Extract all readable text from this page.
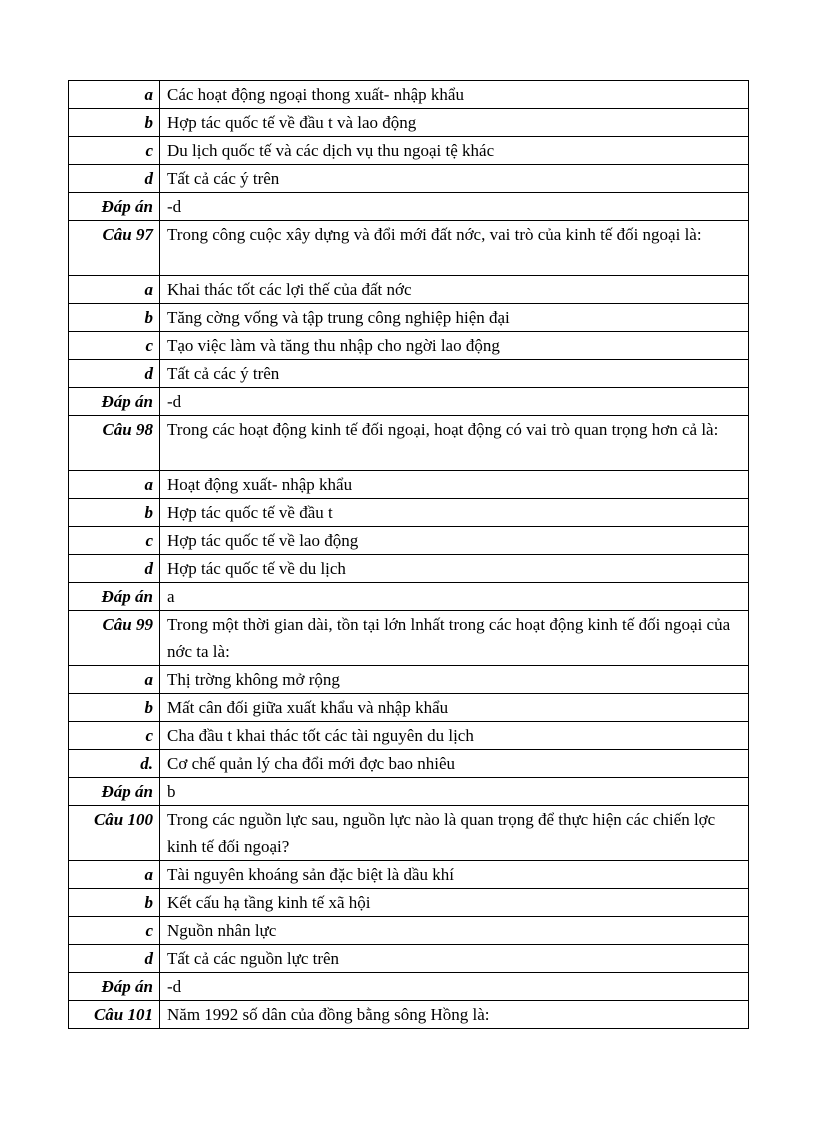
a	Các hoạt động ngoại thong xuất- nhập khẩu
b	Hợp tác quốc tế về đầu t và lao động
c	Du lịch quốc tế và các dịch vụ thu ngoại tệ khác
d	Tất cả các ý trên
Đáp án	-d
Câu 97	Trong công cuộc xây dựng và đổi mới đất nớc, vai trò của kinh tế đối ngoại là:
a	Khai thác tốt các lợi thế của đất nớc
b	Tăng cờng vống và tập trung công nghiệp hiện đại
c	Tạo việc làm và tăng thu nhập cho ngời lao động
d	Tất cả các ý trên
Đáp án	-d
Câu 98	Trong các hoạt động kinh tế đối ngoại, hoạt động có vai trò quan trọng hơn cả là:
a	Hoạt động xuất- nhập khẩu
b	Hợp tác quốc tế về đầu t
c	Hợp tác quốc tế về lao động
d	Hợp tác quốc tế về du lịch
Đáp án	a
Câu 99	Trong một thời gian dài, tồn tại lớn lnhất trong các hoạt động kinh tế đối ngoại của nớc ta là:
a	Thị trờng không mở rộng
b	Mất cân đối giữa xuất khẩu và nhập khẩu
c	Cha đầu t khai thác tốt các tài nguyên du lịch
d.	Cơ chế quản lý cha đổi mới đợc bao nhiêu
Đáp án	b
Câu 100	Trong các nguồn lực sau, nguồn lực nào là quan trọng để thực hiện các chiến lợc kinh tế đối ngoại?
a	Tài nguyên khoáng sản đặc biệt là dầu khí
b	Kết cấu hạ tầng kinh tế xã hội
c	Nguồn nhân lực
d	Tất cả các nguồn lực trên
Đáp án	-d
Câu 101	Năm 1992 số dân của đồng bằng sông Hồng là:
